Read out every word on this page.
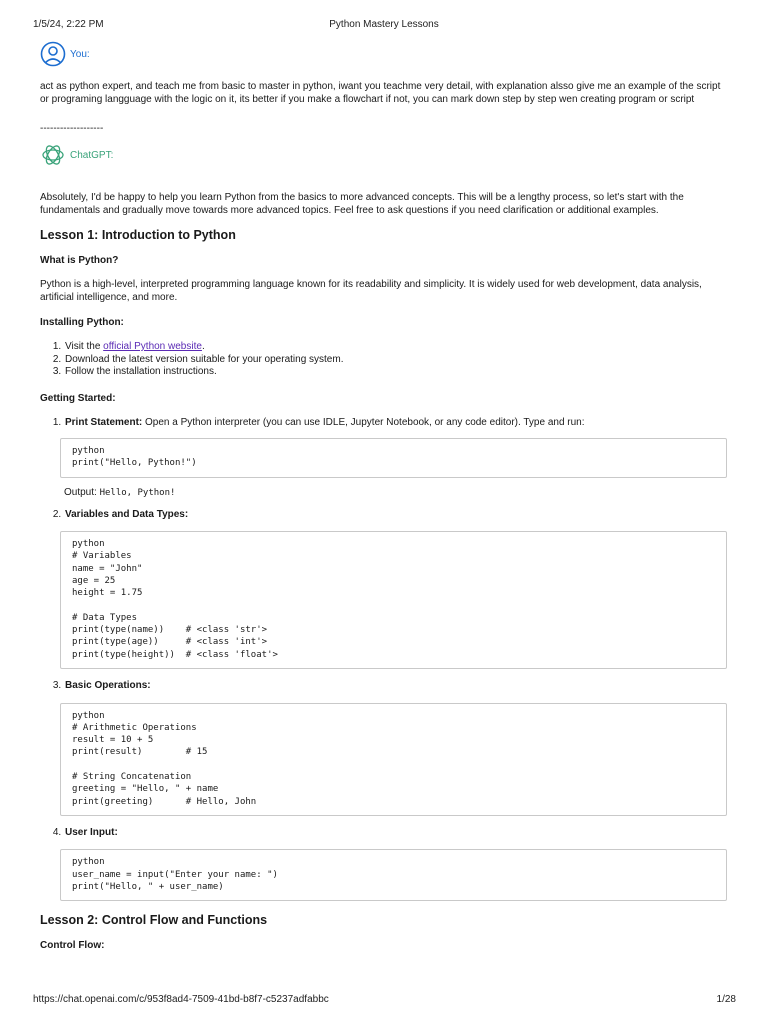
1/5/24, 2:22 PM	Python Mastery Lessons
You:

act as python expert, and teach me from basic to master in python, iwant you teachme very detail, with explanation alsso give me an example of the script or programing langguage with the logic on it, its better if you make a flowchart if not, you can mark down step by step wen creating program or script

-------------------

ChatGPT:

Absolutely, I'd be happy to help you learn Python from the basics to more advanced concepts. This will be a lengthy process, so let's start with the fundamentals and gradually move towards more advanced topics. Feel free to ask questions if you need clarification or additional examples.

Lesson 1: Introduction to Python
What is Python?

Python is a high-level, interpreted programming language known for its readability and simplicity. It is widely used for web development, data analysis, artificial intelligence, and more.

Installing Python:
1. Visit the official Python website.
2. Download the latest version suitable for your operating system.
3. Follow the installation instructions.
Getting Started:
1. Print Statement: Open a Python interpreter (you can use IDLE, Jupyter Notebook, or any code editor). Type and run:
python
print("Hello, Python!")

Output: Hello, Python!

2. Variables and Data Types:
python
# Variables
name = "John"
age = 25
height = 1.75

# Data Types
print(type(name))    # <class 'str'>
print(type(age))     # <class 'int'>
print(type(height))  # <class 'float'>
3. Basic Operations:
python
# Arithmetic Operations
result = 10 + 5
print(result)        # 15

# String Concatenation
greeting = "Hello, " + name
print(greeting)      # Hello, John
4. User Input:
python
user_name = input("Enter your name: ")
print("Hello, " + user_name)
Lesson 2: Control Flow and Functions
Control Flow:
https://chat.openai.com/c/953f8ad4-7509-41bd-b8f7-c5237adfabbc	1/28
